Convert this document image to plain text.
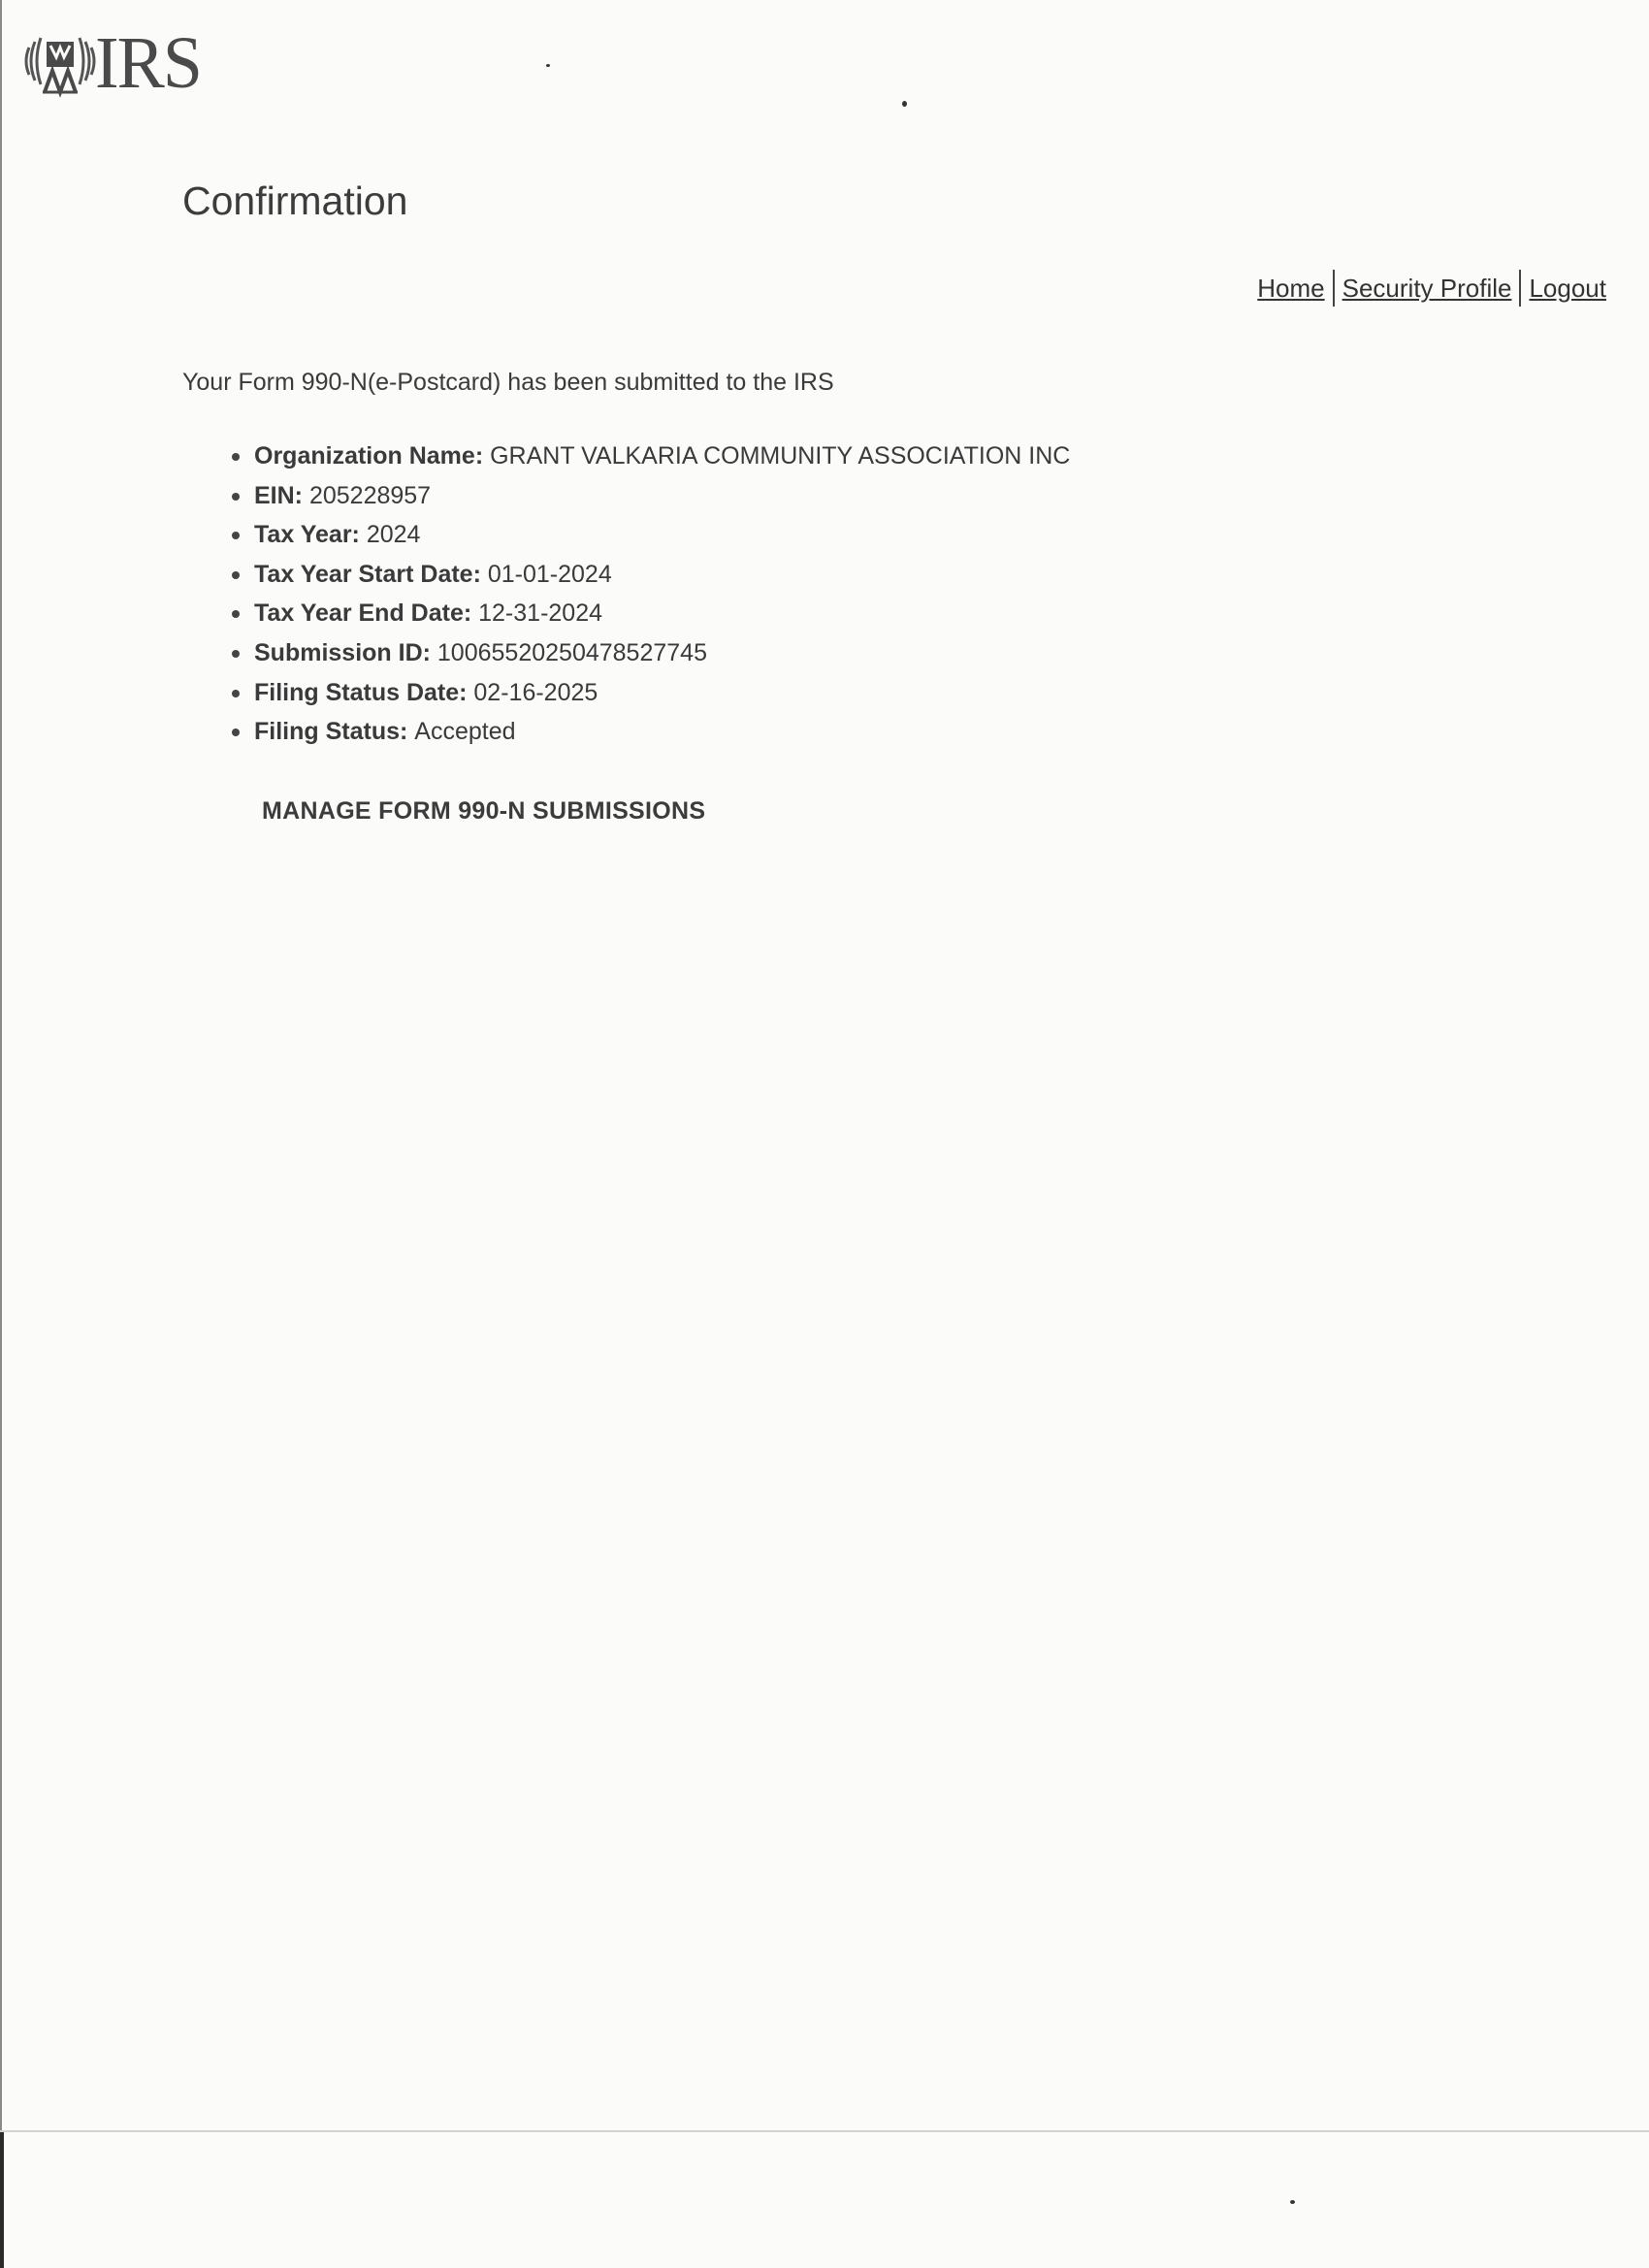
IRS
Confirmation
Home Security Profile Logout
Your Form 990-N(e-Postcard) has been submitted to the IRS
Organization Name: GRANT VALKARIA COMMUNITY ASSOCIATION INC
EIN: 205228957
Tax Year: 2024
Tax Year Start Date: 01-01-2024
Tax Year End Date: 12-31-2024
Submission ID: 10065520250478527745
Filing Status Date: 02-16-2025
Filing Status: Accepted
MANAGE FORM 990-N SUBMISSIONS
